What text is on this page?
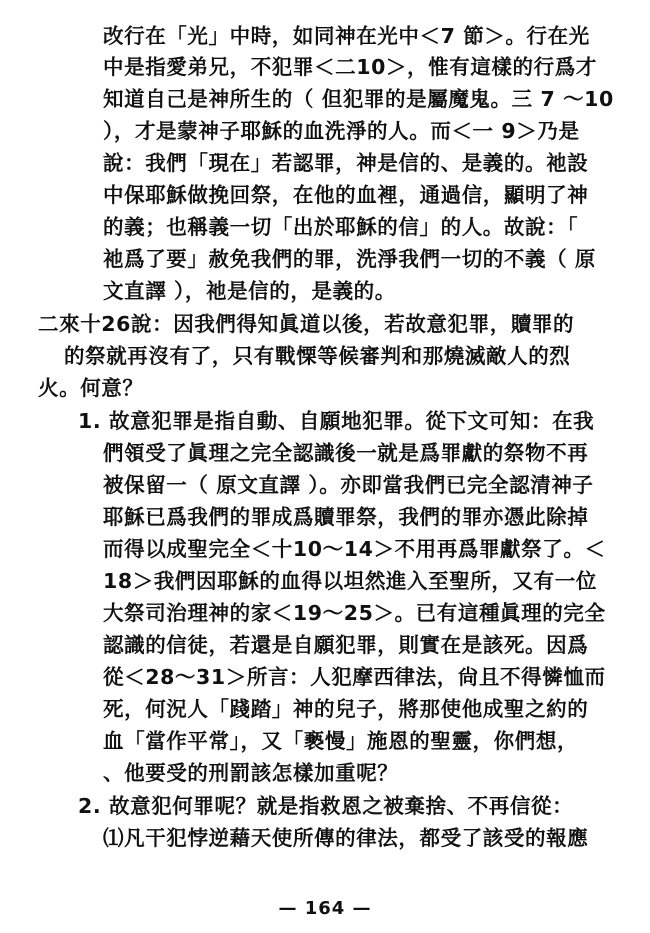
改行在「光」中時，如同神在光中＜7 節＞。行在光
中是指愛弟兄，不犯罪＜二10＞，惟有這樣的行爲才
知道自己是神所生的（ 但犯罪的是屬魔鬼。三 7 ～10
），才是蒙神子耶穌的血洗淨的人。而＜一 9＞乃是
說：我們「現在」若認罪，神是信的、是義的。祂設
中保耶穌做挽回祭，在他的血裡，通過信，顯明了神
的義；也稱義一切「出於耶穌的信」的人。故說：「
祂爲了要」赦免我們的罪，洗淨我們一切的不義（ 原
文直譯 ），祂是信的，是義的。
二來十26說：因我們得知眞道以後，若故意犯罪，贖罪的
的祭就再沒有了，只有戰慄等候審判和那燒滅敵人的烈
火。何意？
1. 故意犯罪是指自動、自願地犯罪。從下文可知：在我
們領受了眞理之完全認識後一就是爲罪獻的祭物不再
被保留一（ 原文直譯 ）。亦即當我們已完全認清神子
耶穌已爲我們的罪成爲贖罪祭，我們的罪亦憑此除掉
而得以成聖完全＜十10～14＞不用再爲罪獻祭了。＜
18＞我們因耶穌的血得以坦然進入至聖所，又有一位
大祭司治理神的家＜19～25＞。已有這種眞理的完全
認識的信徒，若還是自願犯罪，則實在是該死。因爲
從＜28～31＞所言：人犯摩西律法，尙且不得憐恤而
死，何況人「踐踏」神的兒子，將那使他成聖之約的
血「當作平常」，又「褻慢」施恩的聖靈，你們想，
、他要受的刑罰該怎樣加重呢？
2. 故意犯何罪呢？就是指救恩之被棄捨、不再信從：
⑴凡干犯悖逆藉天使所傳的律法，都受了該受的報應
— 164 —
